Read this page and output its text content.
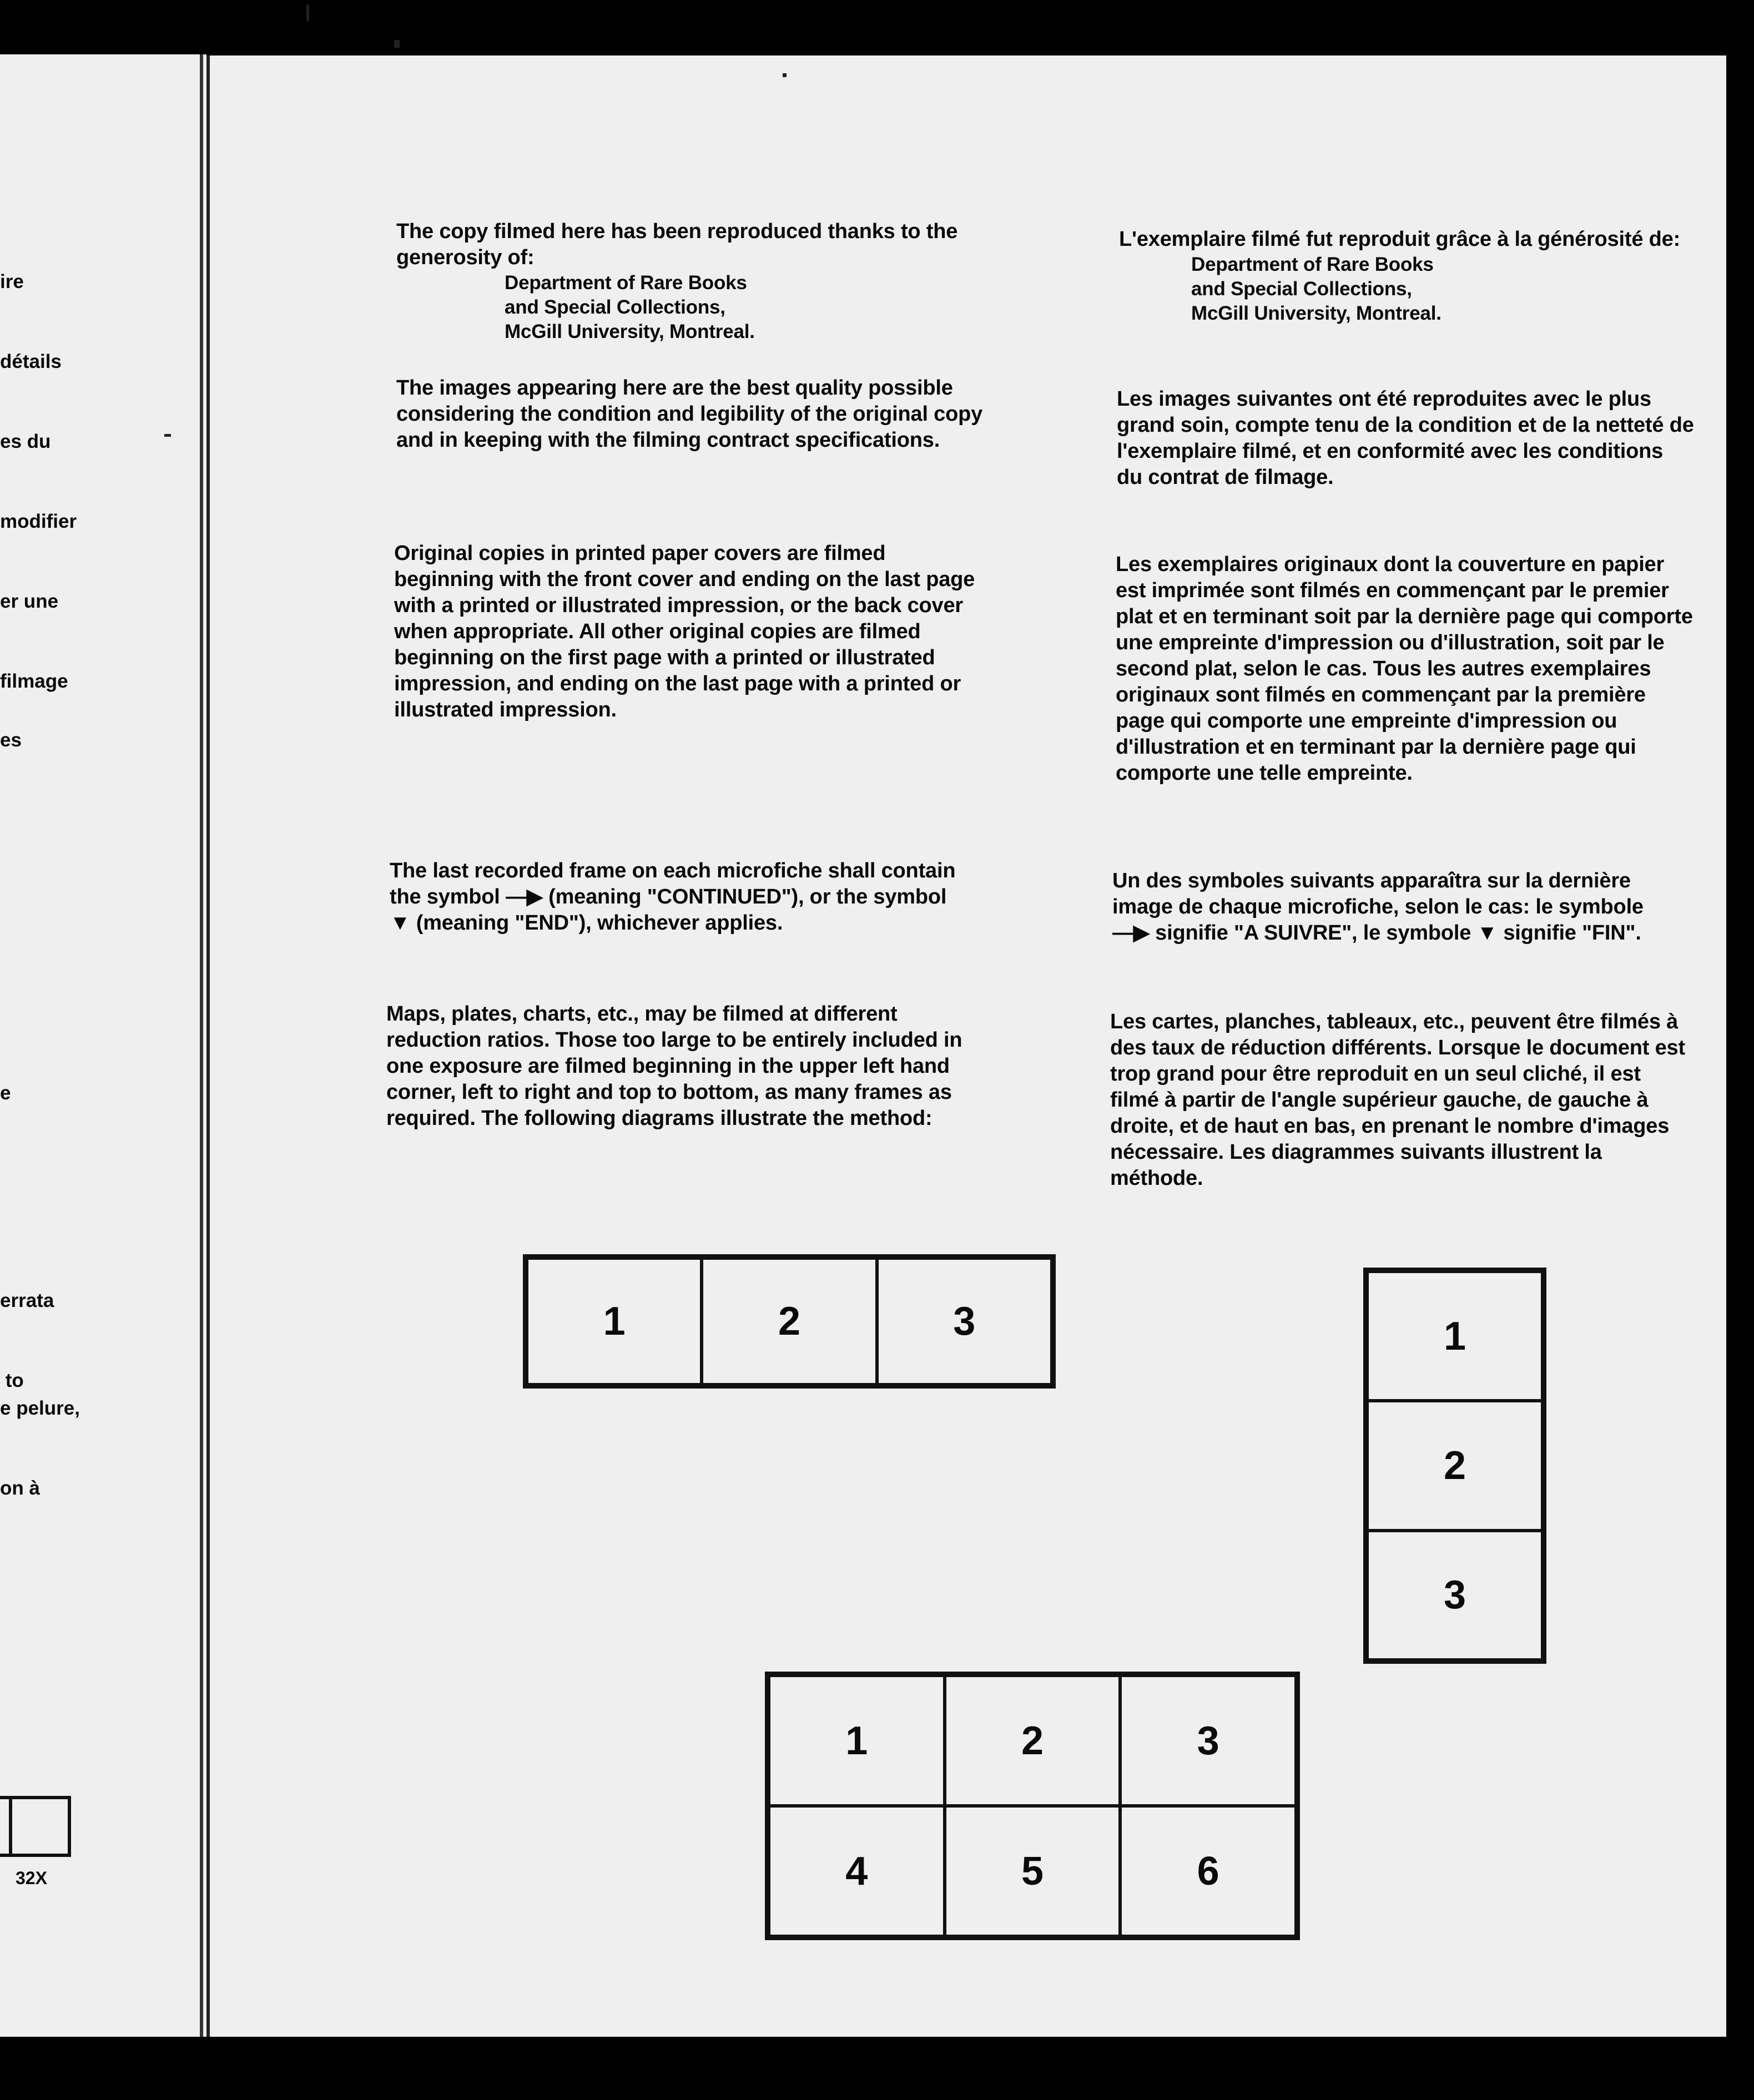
ire

détails

es du

modifier

er une

filmage

es
e

errata

to

e pelure,

on à

32X

The copy filmed here has been reproduced thanks to the generosity of:

Department of Rare Books

and Special Collections,

McGill University, Montreal.

The images appearing here are the best quality possible considering the condition and legibility of the original copy and in keeping with the filming contract specifications.
Original copies in printed paper covers are filmed beginning with the front cover and ending on the last page with a printed or illustrated impression, or the back cover when appropriate. All other original copies are filmed beginning on the first page with a printed or illustrated impression, and ending on the last page with a printed or illustrated impression.
The last recorded frame on each microfiche shall contain the symbol —▶ (meaning "CONTINUED"), or the symbol ▼ (meaning "END"), whichever applies.
Maps, plates, charts, etc., may be filmed at different reduction ratios. Those too large to be entirely included in one exposure are filmed beginning in the upper left hand corner, left to right and top to bottom, as many frames as required. The following diagrams illustrate the method:

L'exemplaire filmé fut reproduit grâce à la générosité de:

Department of Rare Books

and Special Collections,

McGill University, Montreal.

Les images suivantes ont été reproduites avec le plus grand soin, compte tenu de la condition et de la netteté de l'exemplaire filmé, et en conformité avec les conditions du contrat de filmage.
Les exemplaires originaux dont la couverture en papier est imprimée sont filmés en commençant par le premier plat et en terminant soit par la dernière page qui comporte une empreinte d'impression ou d'illustration, soit par le second plat, selon le cas. Tous les autres exemplaires originaux sont filmés en commençant par la première page qui comporte une empreinte d'impression ou d'illustration et en terminant par la dernière page qui comporte une telle empreinte.
Un des symboles suivants apparaîtra sur la dernière image de chaque microfiche, selon le cas: le symbole —▶ signifie "A SUIVRE", le symbole ▼ signifie "FIN".
Les cartes, planches, tableaux, etc., peuvent être filmés à des taux de réduction différents. Lorsque le document est trop grand pour être reproduit en un seul cliché, il est filmé à partir de l'angle supérieur gauche, de gauche à droite, et de haut en bas, en prenant le nombre d'images nécessaire. Les diagrammes suivants illustrent la méthode.
1	2	3	1
2
3
1	2	3
4	5	6
